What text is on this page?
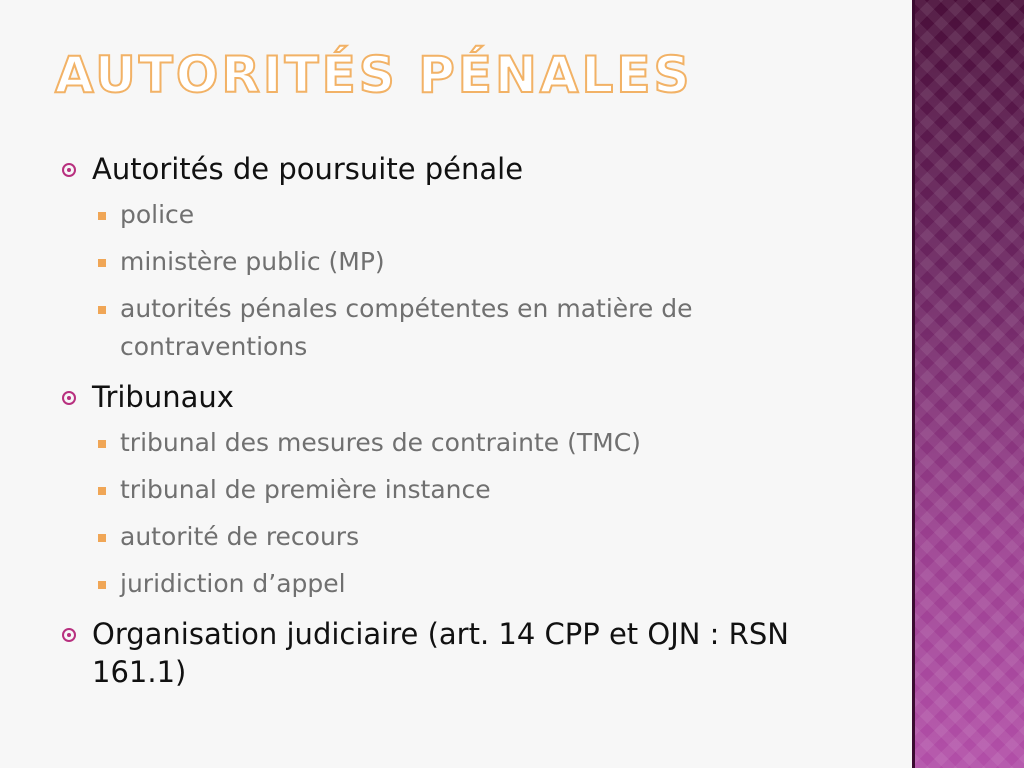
AUTORITÉS PÉNALES
Autorités de poursuite pénale
police
ministère public (MP)
autorités pénales compétentes en matière de contraventions
Tribunaux
tribunal des mesures de contrainte (TMC)
tribunal de première instance
autorité de recours
juridiction d’appel
Organisation judiciaire (art. 14 CPP et OJN : RSN 161.1)
